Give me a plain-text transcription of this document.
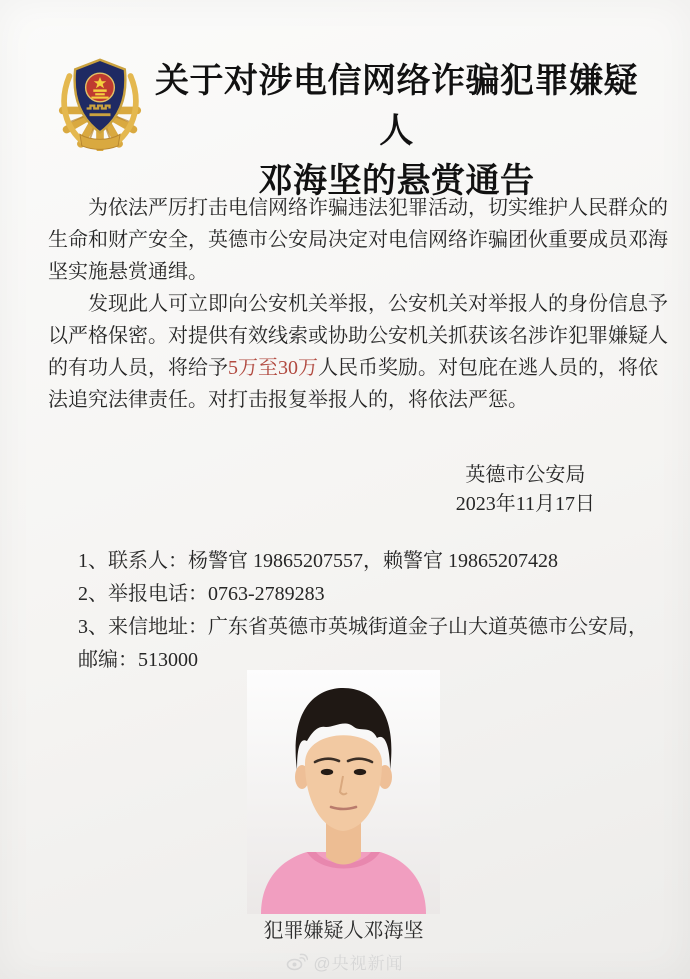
关于对涉电信网络诈骗犯罪嫌疑人
邓海坚的悬赏通告
为依法严厉打击电信网络诈骗违法犯罪活动，切实维护人民群众的
生命和财产安全，英德市公安局决定对电信网络诈骗团伙重要成员邓海
坚实施悬赏通缉。
发现此人可立即向公安机关举报，公安机关对举报人的身份信息予
以严格保密。对提供有效线索或协助公安机关抓获该名涉诈犯罪嫌疑人
的有功人员，将给予5万至30万人民币奖励。对包庇在逃人员的，将依
法追究法律责任。对打击报复举报人的，将依法严惩。
英德市公安局
2023年11月17日
1、联系人：杨警官 19865207557，赖警官 19865207428
2、举报电话：0763-2789283
3、来信地址：广东省英德市英城街道金子山大道英德市公安局，
邮编：513000
犯罪嫌疑人邓海坚
@央视新闻
